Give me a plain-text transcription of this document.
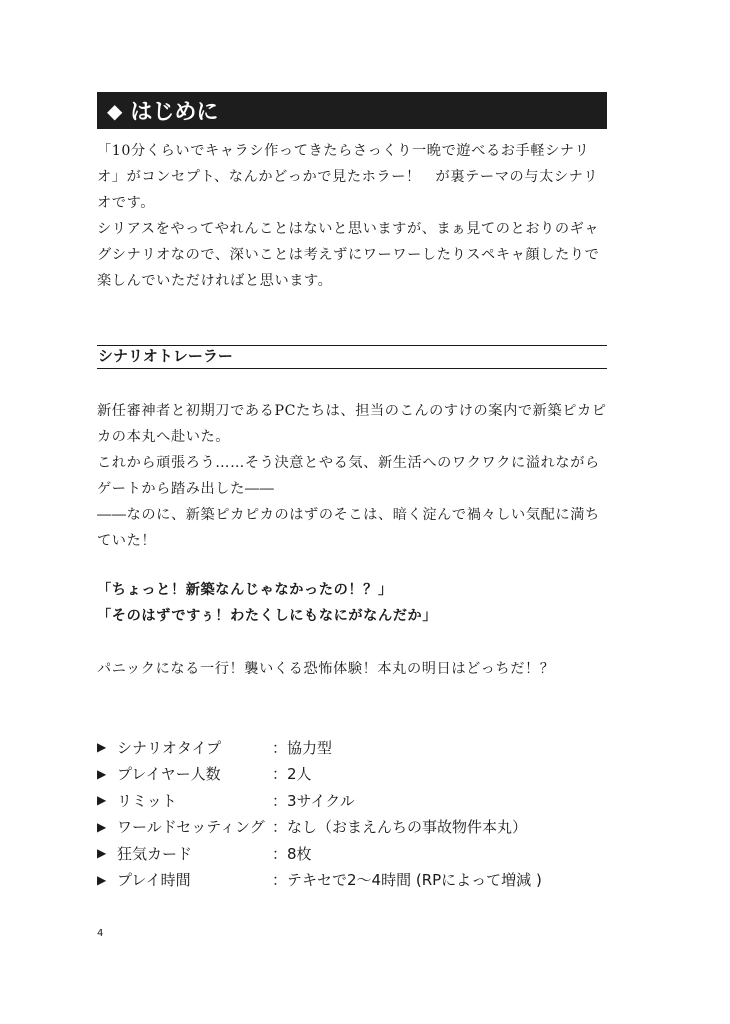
◆ はじめに

「10分くらいでキャラシ作ってきたらさっくり一晩で遊べるお手軽シナリオ」がコンセプト、なんかどっかで見たホラー！　が裏テーマの与太シナリオです。
シリアスをやってやれんことはないと思いますが、まぁ見てのとおりのギャグシナリオなので、深いことは考えずにワーワーしたりスペキャ顔したりで楽しんでいただければと思います。

シナリオトレーラー

新任審神者と初期刀であるPCたちは、担当のこんのすけの案内で新築ピカピカの本丸へ赴いた。
これから頑張ろう……そう決意とやる気、新生活へのワクワクに溢れながらゲートから踏み出した――
――なのに、新築ピカピカのはずのそこは、暗く淀んで禍々しい気配に満ちていた！

「ちょっと！新築なんじゃなかったの！？」
「そのはずですぅ！わたくしにもなにがなんだか」

パニックになる一行！襲いくる恐怖体験！本丸の明日はどっちだ！？

▶ シナリオタイプ	：協力型
▶ プレイヤー人数	：2人
▶ リミット	：3サイクル
▶ ワールドセッティング ：なし（おまえんちの事故物件本丸）
▶ 狂気カード	：8枚
▶ プレイ時間	：テキセで2～4時間 (RPによって増減 )
4
